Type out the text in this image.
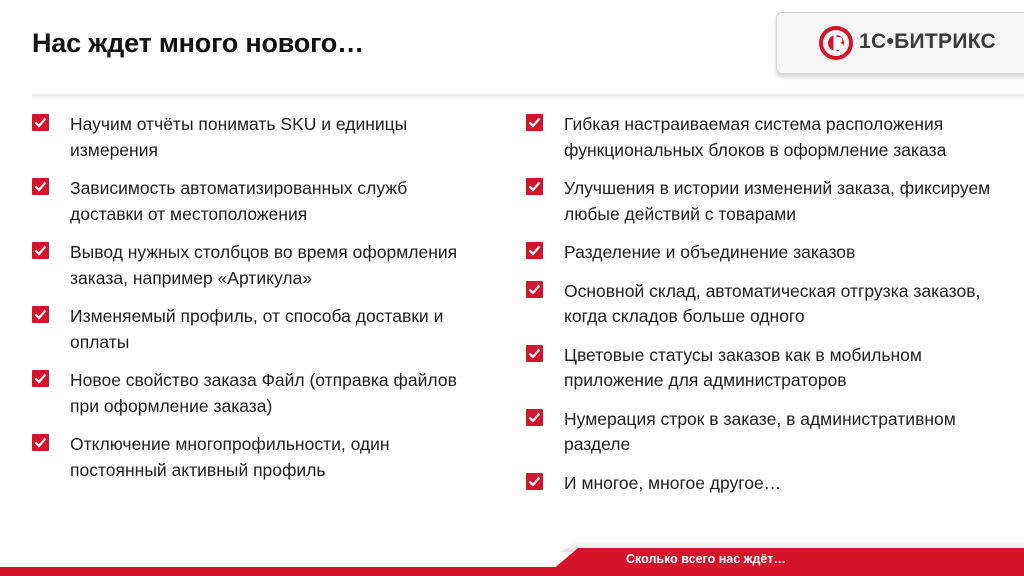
Нас ждет много нового…	1С•БИТРИКС
Научим отчёты понимать SKU и единицы измерения
Зависимость автоматизированных служб доставки от местоположения
Вывод нужных столбцов во время оформления заказа, например «Артикула»
Изменяемый профиль, от способа доставки и оплаты
Новое свойство заказа Файл (отправка файлов при оформление заказа)
Отключение многопрофильности, один постоянный активный профиль
Гибкая настраиваемая система расположения функциональных блоков в оформление заказа
Улучшения в истории изменений заказа, фиксируем любые действий с товарами
Разделение и объединение заказов
Основной склад, автоматическая отгрузка заказов, когда складов больше одного
Цветовые статусы заказов как в мобильном приложение для администраторов
Нумерация строк в заказе, в административном разделе
И многое, многое другое…
Сколько всего нас ждёт…
